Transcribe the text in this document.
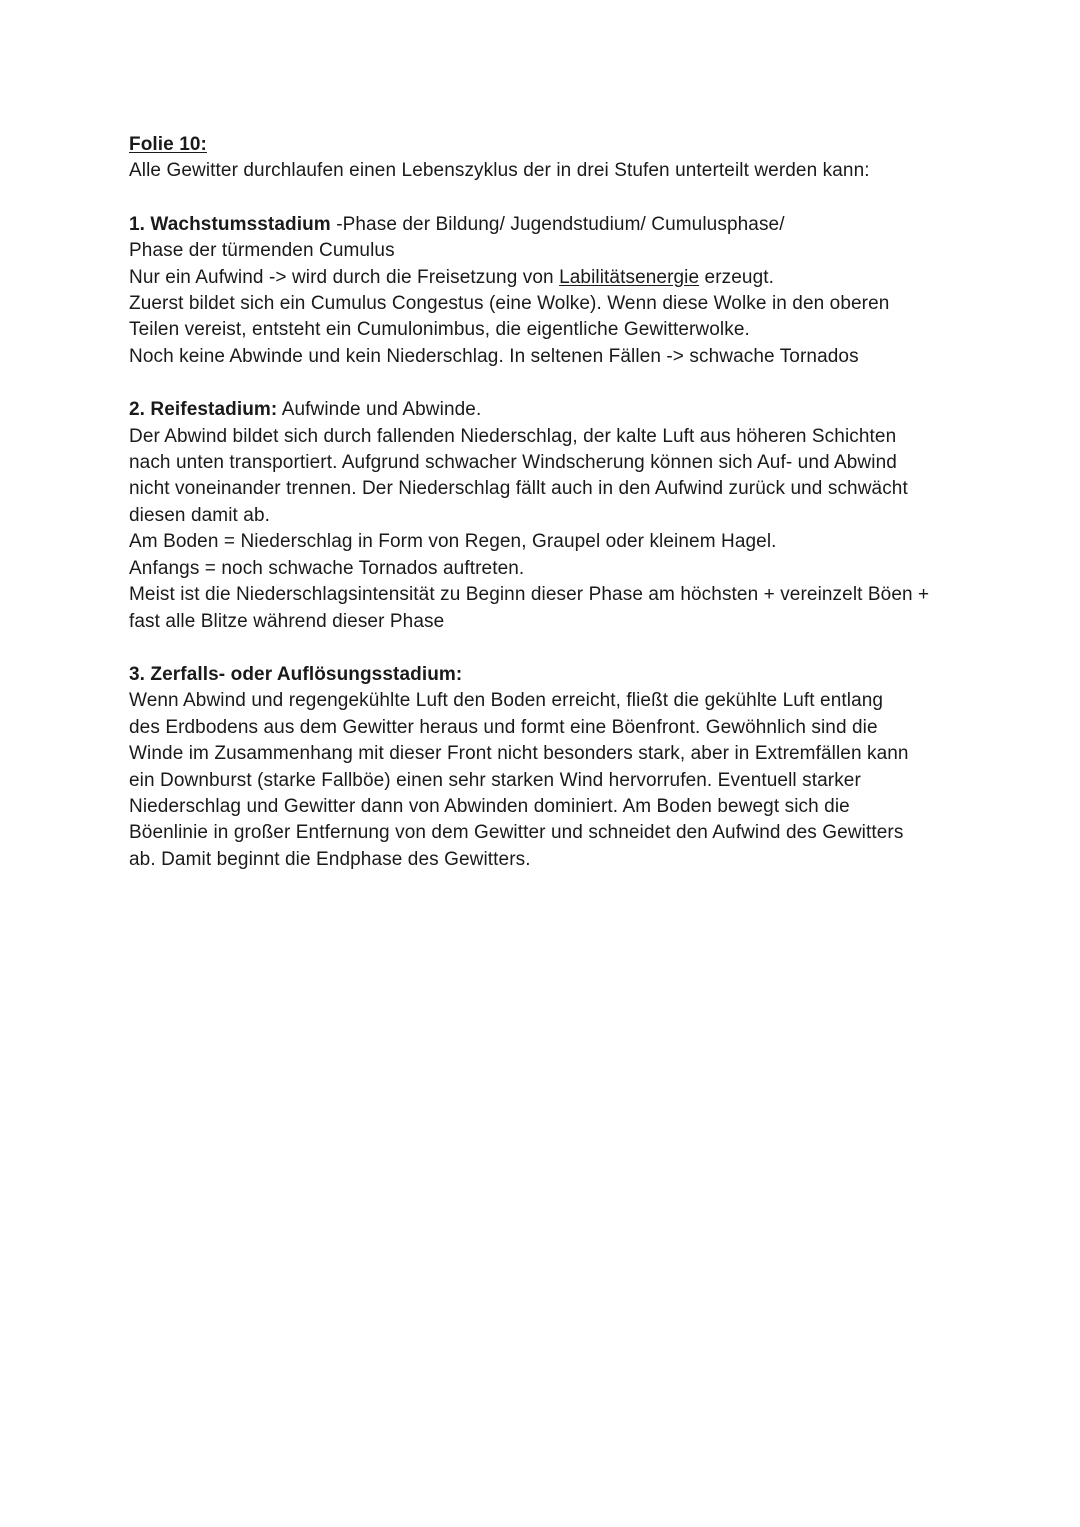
Folie 10:
Alle Gewitter durchlaufen einen Lebenszyklus der in drei Stufen unterteilt werden kann:
1. Wachstumsstadium -Phase der Bildung/ Jugendstudium/ Cumulusphase/
Phase der türmenden Cumulus
Nur ein Aufwind -> wird durch die Freisetzung von Labilitätsenergie erzeugt.
Zuerst bildet sich ein Cumulus Congestus (eine Wolke). Wenn diese Wolke in den oberen
Teilen vereist, entsteht ein Cumulonimbus, die eigentliche Gewitterwolke.
Noch keine Abwinde und kein Niederschlag. In seltenen Fällen -> schwache Tornados
2. Reifestadium: Aufwinde und Abwinde.
Der Abwind bildet sich durch fallenden Niederschlag, der kalte Luft aus höheren Schichten
nach unten transportiert. Aufgrund schwacher Windscherung können sich Auf- und Abwind
nicht voneinander trennen. Der Niederschlag fällt auch in den Aufwind zurück und schwächt
diesen damit ab.
Am Boden = Niederschlag in Form von Regen, Graupel oder kleinem Hagel.
Anfangs = noch schwache Tornados auftreten.
Meist ist die Niederschlagsintensität zu Beginn dieser Phase am höchsten + vereinzelt Böen +
fast alle Blitze während dieser Phase
3. Zerfalls- oder Auflösungsstadium:
Wenn Abwind und regengekühlte Luft den Boden erreicht, fließt die gekühlte Luft entlang
des Erdbodens aus dem Gewitter heraus und formt eine Böenfront. Gewöhnlich sind die
Winde im Zusammenhang mit dieser Front nicht besonders stark, aber in Extremfällen kann
ein Downburst (starke Fallböe) einen sehr starken Wind hervorrufen. Eventuell starker
Niederschlag und Gewitter dann von Abwinden dominiert. Am Boden bewegt sich die
Böenlinie in großer Entfernung von dem Gewitter und schneidet den Aufwind des Gewitters
ab. Damit beginnt die Endphase des Gewitters.
